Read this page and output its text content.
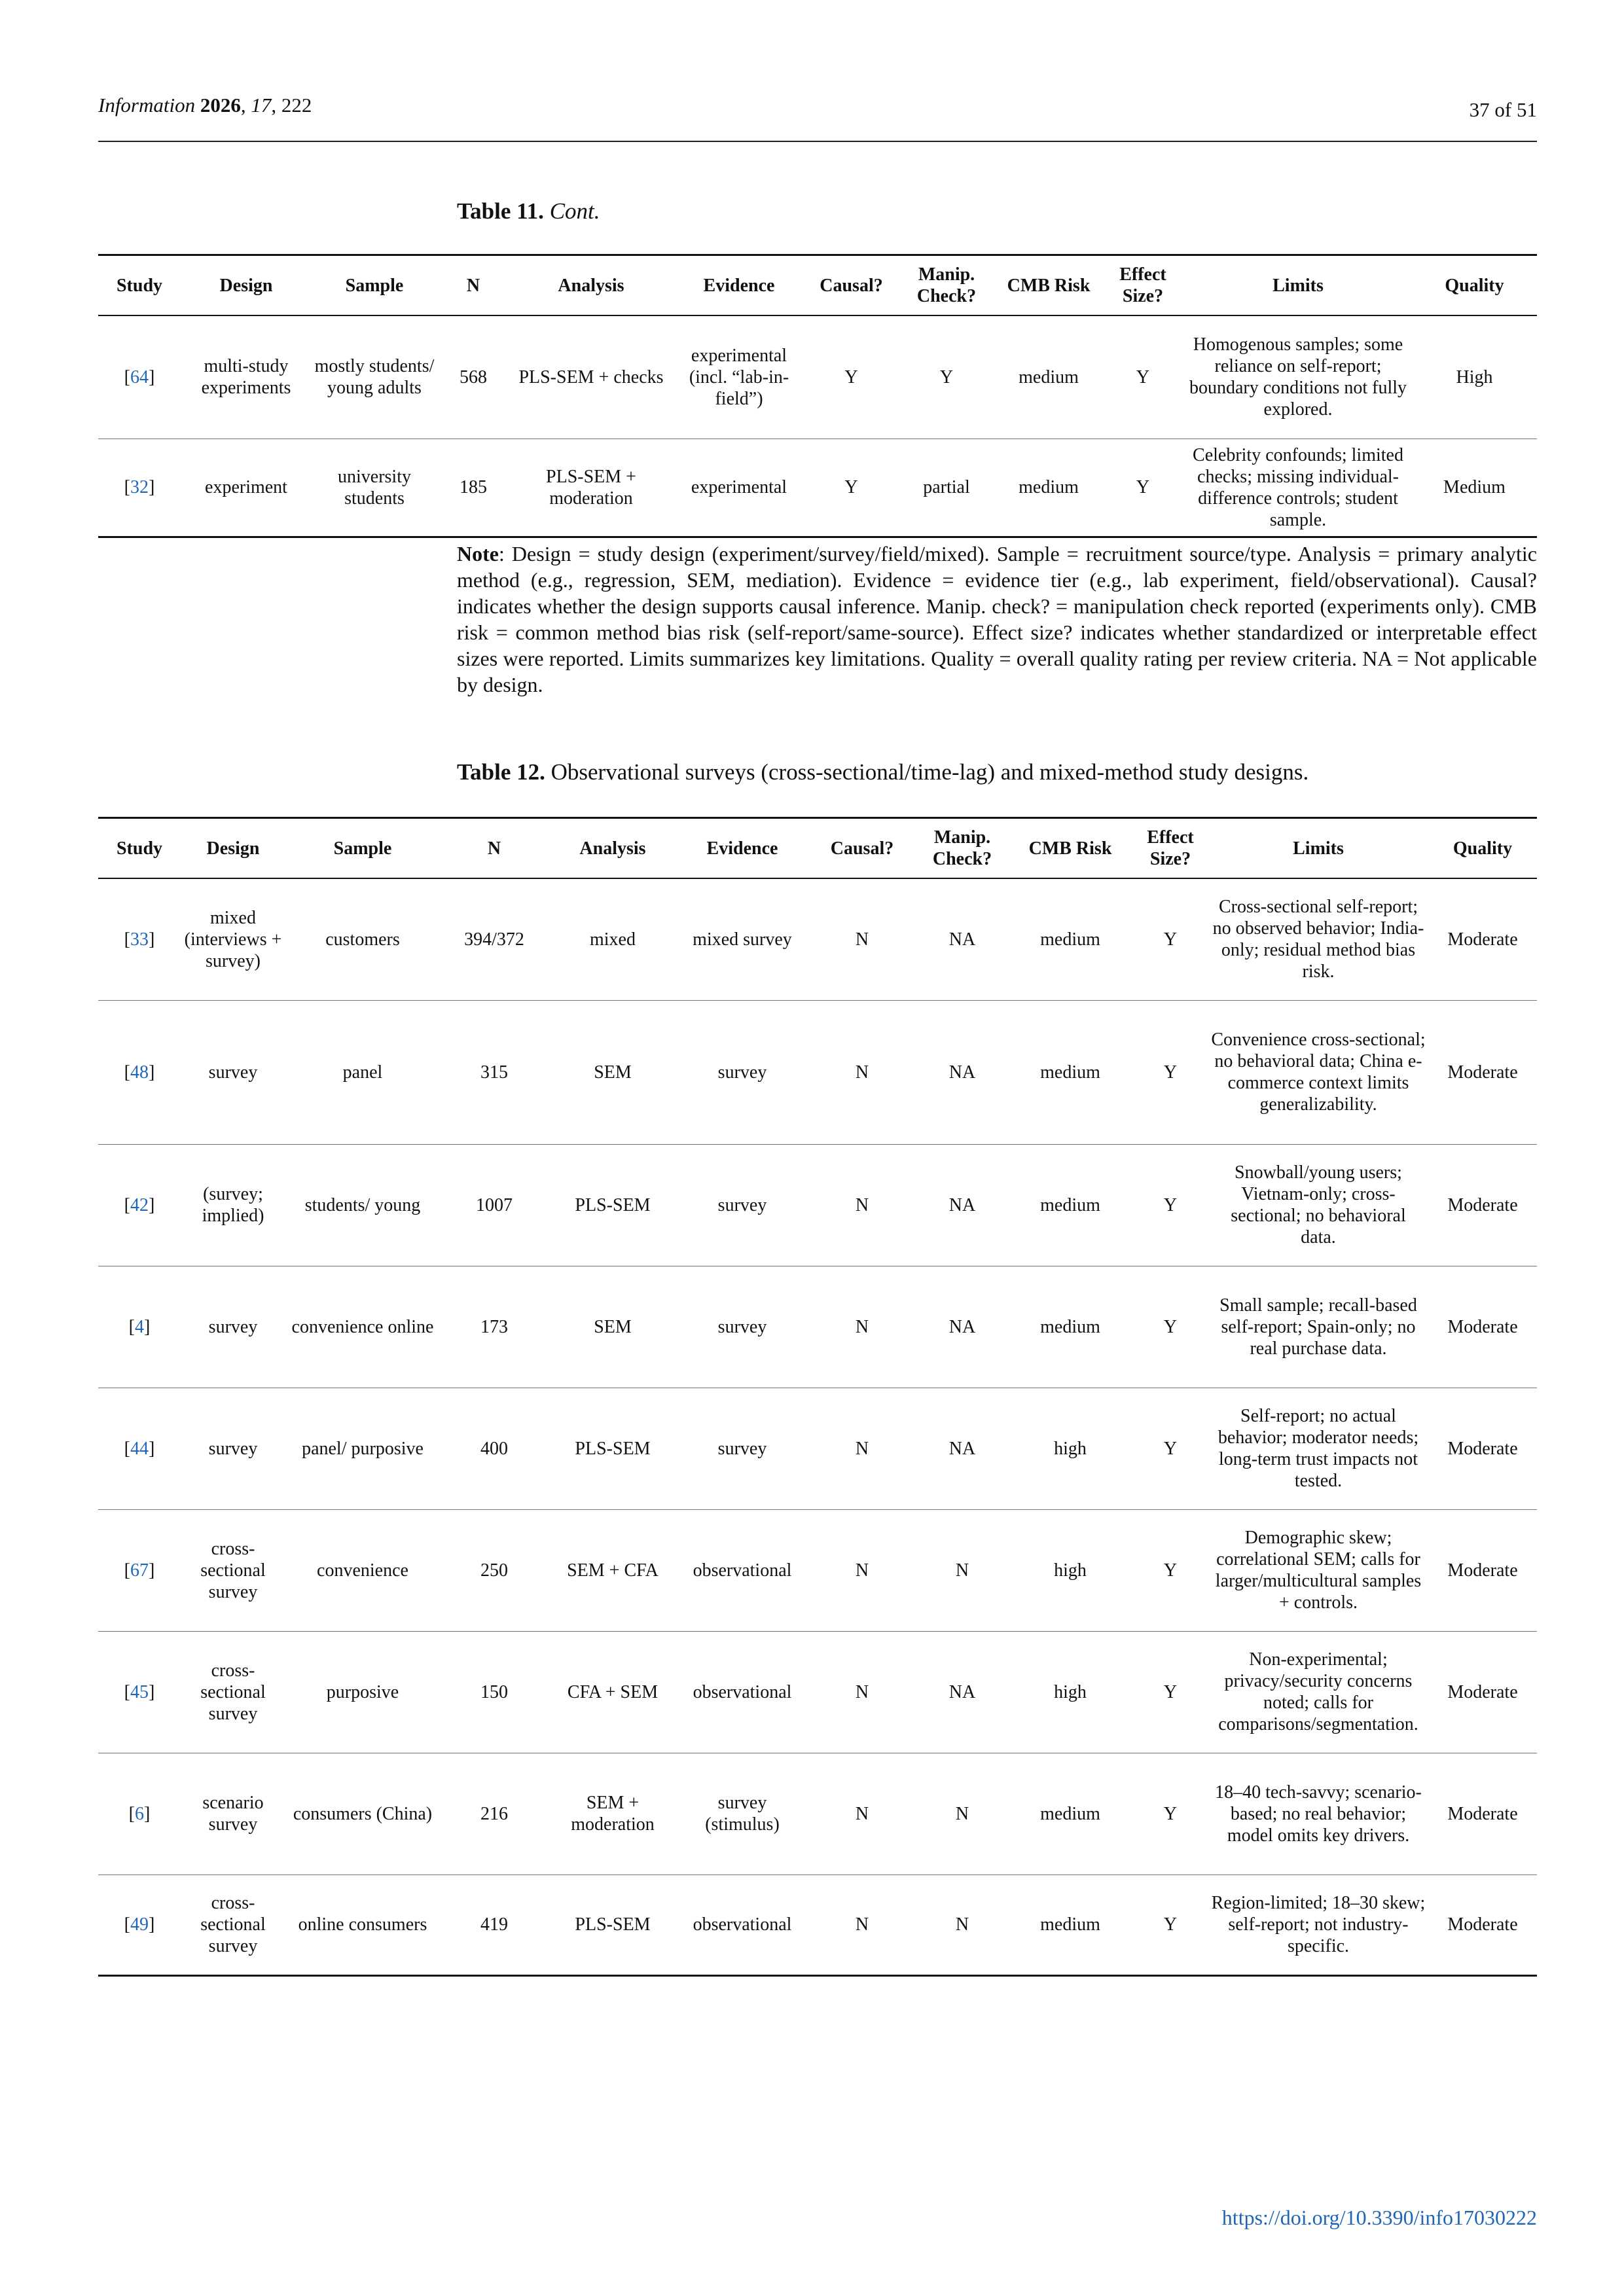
Information 2026, 17, 222	37 of 51
Table 11. Cont.
Study	Design	Sample	N	Analysis	Evidence	Causal?	Manip. Check?	CMB Risk	Effect Size?	Limits	Quality
[64]	multi-study experiments	mostly students/ young adults	568	PLS-SEM + checks	experimental (incl. “lab-in-field”)	Y	Y	medium	Y	Homogenous samples; some reliance on self-report; boundary conditions not fully explored.	High
[32]	experiment	university students	185	PLS-SEM + moderation	experimental	Y	partial	medium	Y	Celebrity confounds; limited checks; missing individual-difference controls; student sample.	Medium
Note: Design = study design (experiment/survey/field/mixed). Sample = recruitment source/type. Analysis = primary analytic method (e.g., regression, SEM, mediation). Evidence = evidence tier (e.g., lab experiment, field/observational). Causal? indicates whether the design supports causal inference. Manip. check? = manipulation check reported (experiments only). CMB risk = common method bias risk (self-report/same-source). Effect size? indicates whether standardized or interpretable effect sizes were reported. Limits summarizes key limitations. Quality = overall quality rating per review criteria. NA = Not applicable by design.
Table 12. Observational surveys (cross-sectional/time-lag) and mixed-method study designs.
Study	Design	Sample	N	Analysis	Evidence	Causal?	Manip. Check?	CMB Risk	Effect Size?	Limits	Quality
[33]	mixed (interviews + survey)	customers	394/372	mixed	mixed survey	N	NA	medium	Y	Cross-sectional self-report; no observed behavior; India-only; residual method bias risk.	Moderate
[48]	survey	panel	315	SEM	survey	N	NA	medium	Y	Convenience cross-sectional; no behavioral data; China e-commerce context limits generalizability.	Moderate
[42]	(survey; implied)	students/ young	1007	PLS-SEM	survey	N	NA	medium	Y	Snowball/young users; Vietnam-only; cross-sectional; no behavioral data.	Moderate
[4]	survey	convenience online	173	SEM	survey	N	NA	medium	Y	Small sample; recall-based self-report; Spain-only; no real purchase data.	Moderate
[44]	survey	panel/ purposive	400	PLS-SEM	survey	N	NA	high	Y	Self-report; no actual behavior; moderator needs; long-term trust impacts not tested.	Moderate
[67]	cross-sectional survey	convenience	250	SEM + CFA	observational	N	N	high	Y	Demographic skew; correlational SEM; calls for larger/multicultural samples + controls.	Moderate
[45]	cross-sectional survey	purposive	150	CFA + SEM	observational	N	NA	high	Y	Non-experimental; privacy/security concerns noted; calls for comparisons/segmentation.	Moderate
[6]	scenario survey	consumers (China)	216	SEM + moderation	survey (stimulus)	N	N	medium	Y	18–40 tech-savvy; scenario-based; no real behavior; model omits key drivers.	Moderate
[49]	cross-sectional survey	online consumers	419	PLS-SEM	observational	N	N	medium	Y	Region-limited; 18–30 skew; self-report; not industry-specific.	Moderate
https://doi.org/10.3390/info17030222
